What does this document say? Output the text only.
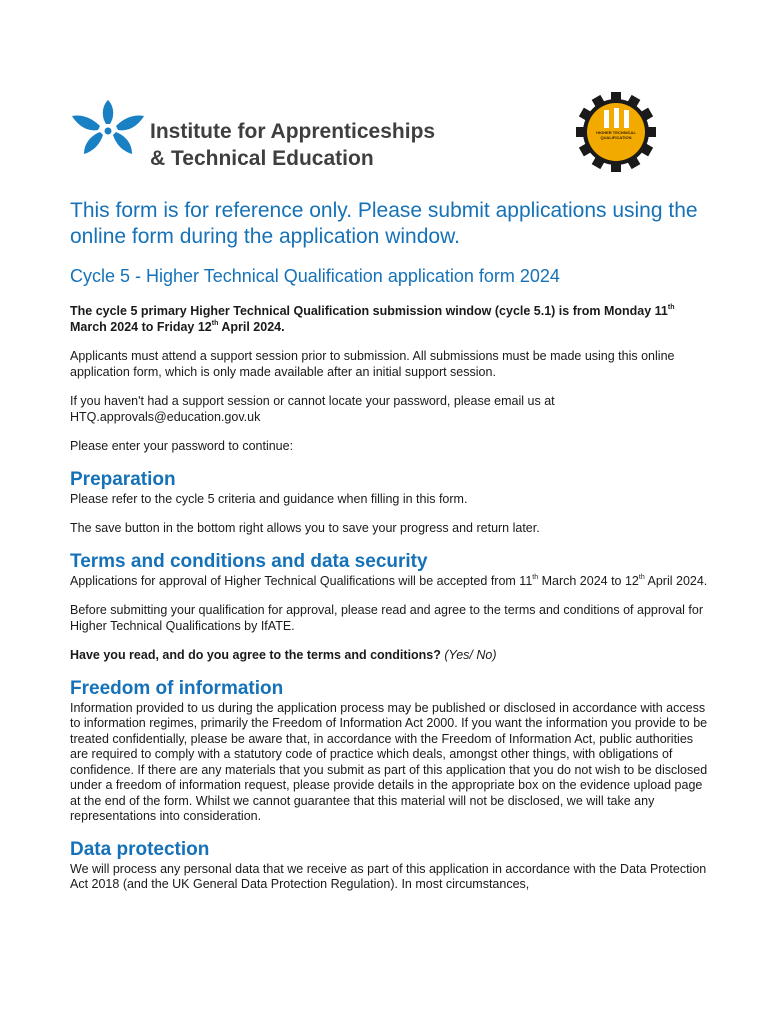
Institute for Apprenticeships
& Technical Education
HIGHER TECHNICAL QUALIFICATION

This form is for reference only. Please submit applications using the online form during the application window.

Cycle 5 - Higher Technical Qualification application form 2024

The cycle 5 primary Higher Technical Qualification submission window (cycle 5.1) is from Monday 11th March 2024 to Friday 12th April 2024.

Applicants must attend a support session prior to submission. All submissions must be made using this online application form, which is only made available after an initial support session.

If you haven't had a support session or cannot locate your password, please email us at HTQ.approvals@education.gov.uk

Please enter your password to continue:

Preparation

Please refer to the cycle 5 criteria and guidance when filling in this form.

The save button in the bottom right allows you to save your progress and return later.

Terms and conditions and data security

Applications for approval of Higher Technical Qualifications will be accepted from 11th March 2024 to 12th April 2024.

Before submitting your qualification for approval, please read and agree to the terms and conditions of approval for Higher Technical Qualifications by IfATE.

Have you read, and do you agree to the terms and conditions? (Yes/ No)

Freedom of information

Information provided to us during the application process may be published or disclosed in accordance with access to information regimes, primarily the Freedom of Information Act 2000. If you want the information you provide to be treated confidentially, please be aware that, in accordance with the Freedom of Information Act, public authorities are required to comply with a statutory code of practice which deals, amongst other things, with obligations of confidence. If there are any materials that you submit as part of this application that you do not wish to be disclosed under a freedom of information request, please provide details in the appropriate box on the evidence upload page at the end of the form. Whilst we cannot guarantee that this material will not be disclosed, we will take any representations into consideration.

Data protection

We will process any personal data that we receive as part of this application in accordance with the Data Protection Act 2018 (and the UK General Data Protection Regulation). In most circumstances,
